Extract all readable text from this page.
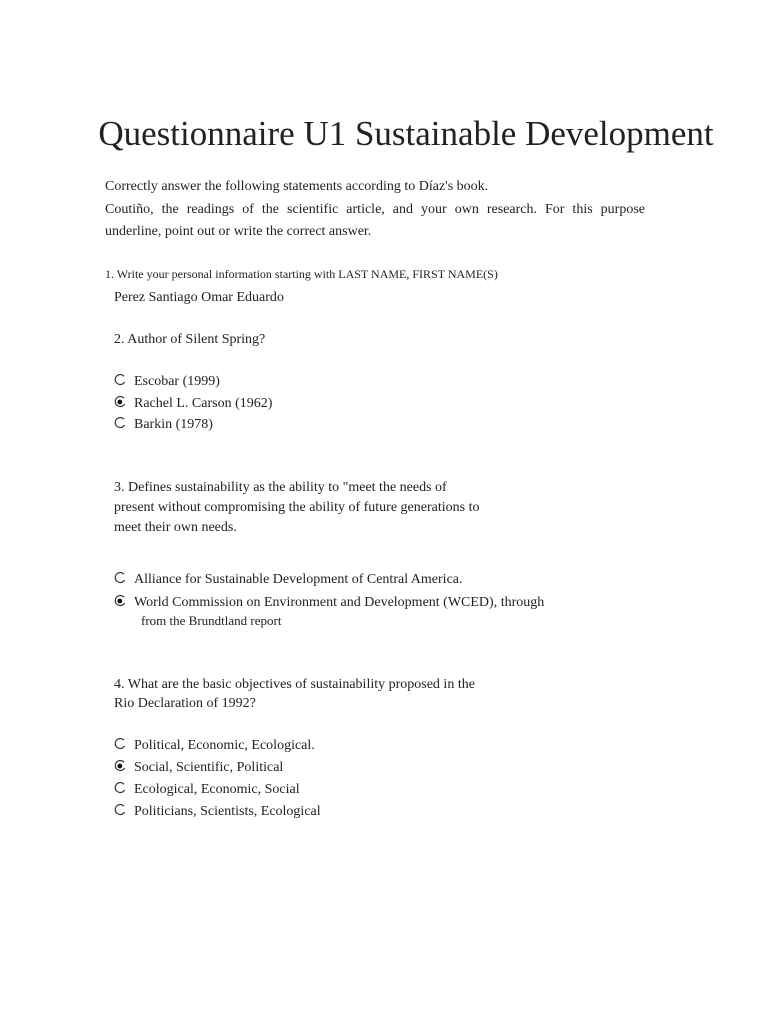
Questionnaire U1 Sustainable Development

Correctly answer the following statements according to Díaz's book.

Coutiño, the readings of the scientific article, and your own research. For this purpose underline, point out or write the correct answer.

1. Write your personal information starting with LAST NAME, FIRST NAME(S)
Perez Santiago Omar Eduardo
2. Author of Silent Spring?
Escobar (1999)
Rachel L. Carson (1962)
Barkin (1978)
3. Defines sustainability as the ability to "meet the needs of
present without compromising the ability of future generations to
meet their own needs.
Alliance for Sustainable Development of Central America.
World Commission on Environment and Development (WCED), through
from the Brundtland report
4. What are the basic objectives of sustainability proposed in the
Rio Declaration of 1992?
Political, Economic, Ecological.
Social, Scientific, Political
Ecological, Economic, Social
Politicians, Scientists, Ecological
